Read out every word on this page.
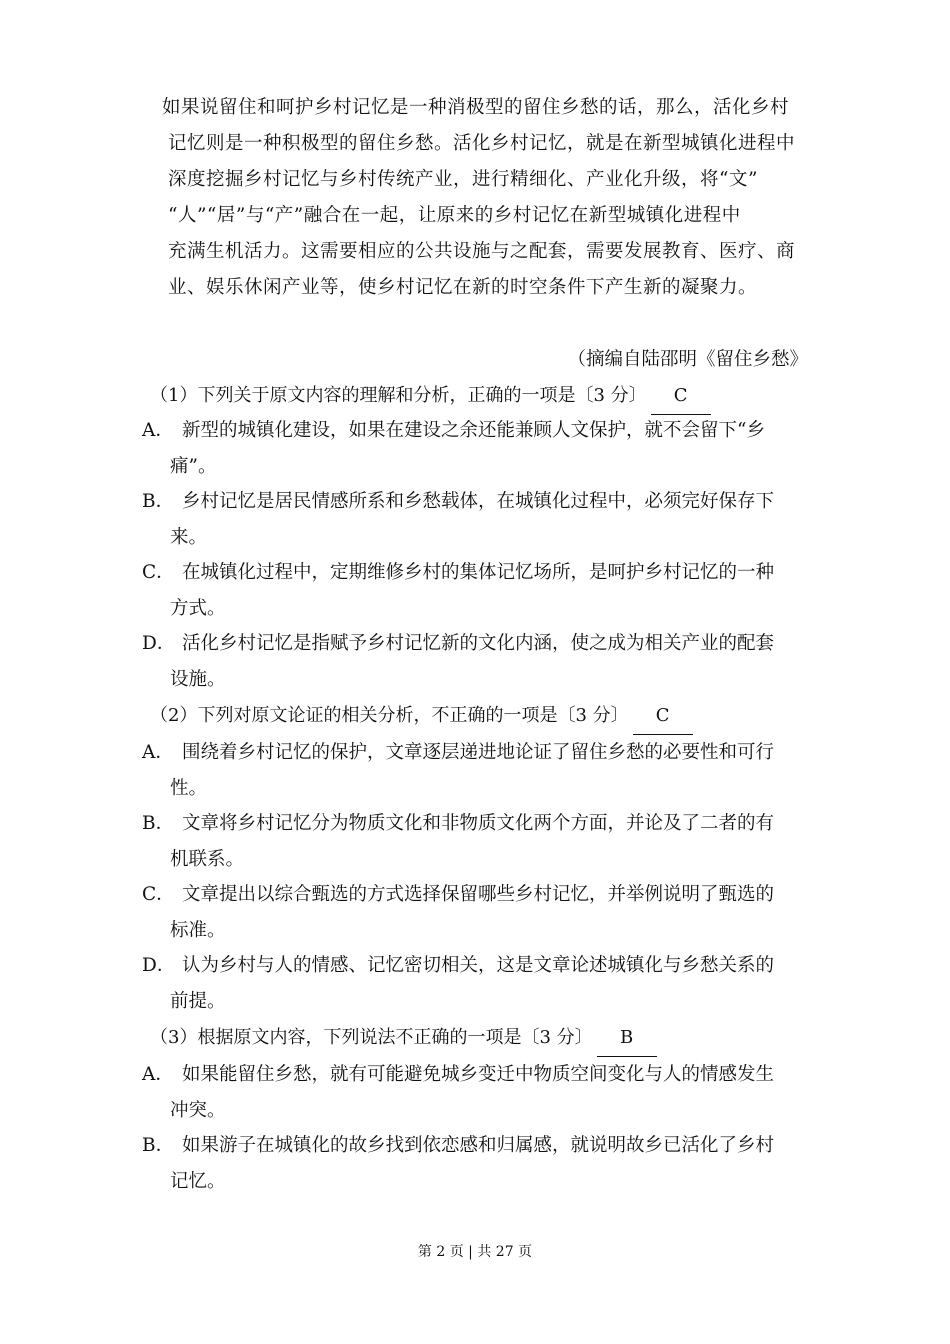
如果说留住和呵护乡村记忆是一种消极型的留住乡愁的话，那么，活化乡村
记忆则是一种积极型的留住乡愁。活化乡村记忆，就是在新型城镇化进程中
深度挖掘乡村记忆与乡村传统产业，进行精细化、产业化升级，将“文”
“人”“居”与“产”融合在一起，让原来的乡村记忆在新型城镇化进程中
充满生机活力。这需要相应的公共设施与之配套，需要发展教育、医疗、商
业、娱乐休闲产业等，使乡村记忆在新的时空条件下产生新的凝聚力。
（摘编自陆邵明《留住乡愁》
（1）下列关于原文内容的理解和分析，正确的一项是〔3 分〕 C
A． 新型的城镇化建设，如果在建设之余还能兼顾人文保护，就不会留下“乡
痛”。
B． 乡村记忆是居民情感所系和乡愁载体，在城镇化过程中，必须完好保存下
来。
C． 在城镇化过程中，定期维修乡村的集体记忆场所，是呵护乡村记忆的一种
方式。
D． 活化乡村记忆是指赋予乡村记忆新的文化内涵，使之成为相关产业的配套
设施。
（2）下列对原文论证的相关分析，不正确的一项是〔3 分〕 C
A． 围绕着乡村记忆的保护，文章逐层递进地论证了留住乡愁的必要性和可行
性。
B． 文章将乡村记忆分为物质文化和非物质文化两个方面，并论及了二者的有
机联系。
C． 文章提出以综合甄选的方式选择保留哪些乡村记忆，并举例说明了甄选的
标准。
D． 认为乡村与人的情感、记忆密切相关，这是文章论述城镇化与乡愁关系的
前提。
（3）根据原文内容，下列说法不正确的一项是〔3 分〕 B
A． 如果能留住乡愁，就有可能避免城乡变迁中物质空间变化与人的情感发生
冲突。
B． 如果游子在城镇化的故乡找到依恋感和归属感，就说明故乡已活化了乡村
记忆。
第 2 页 | 共 27 页
